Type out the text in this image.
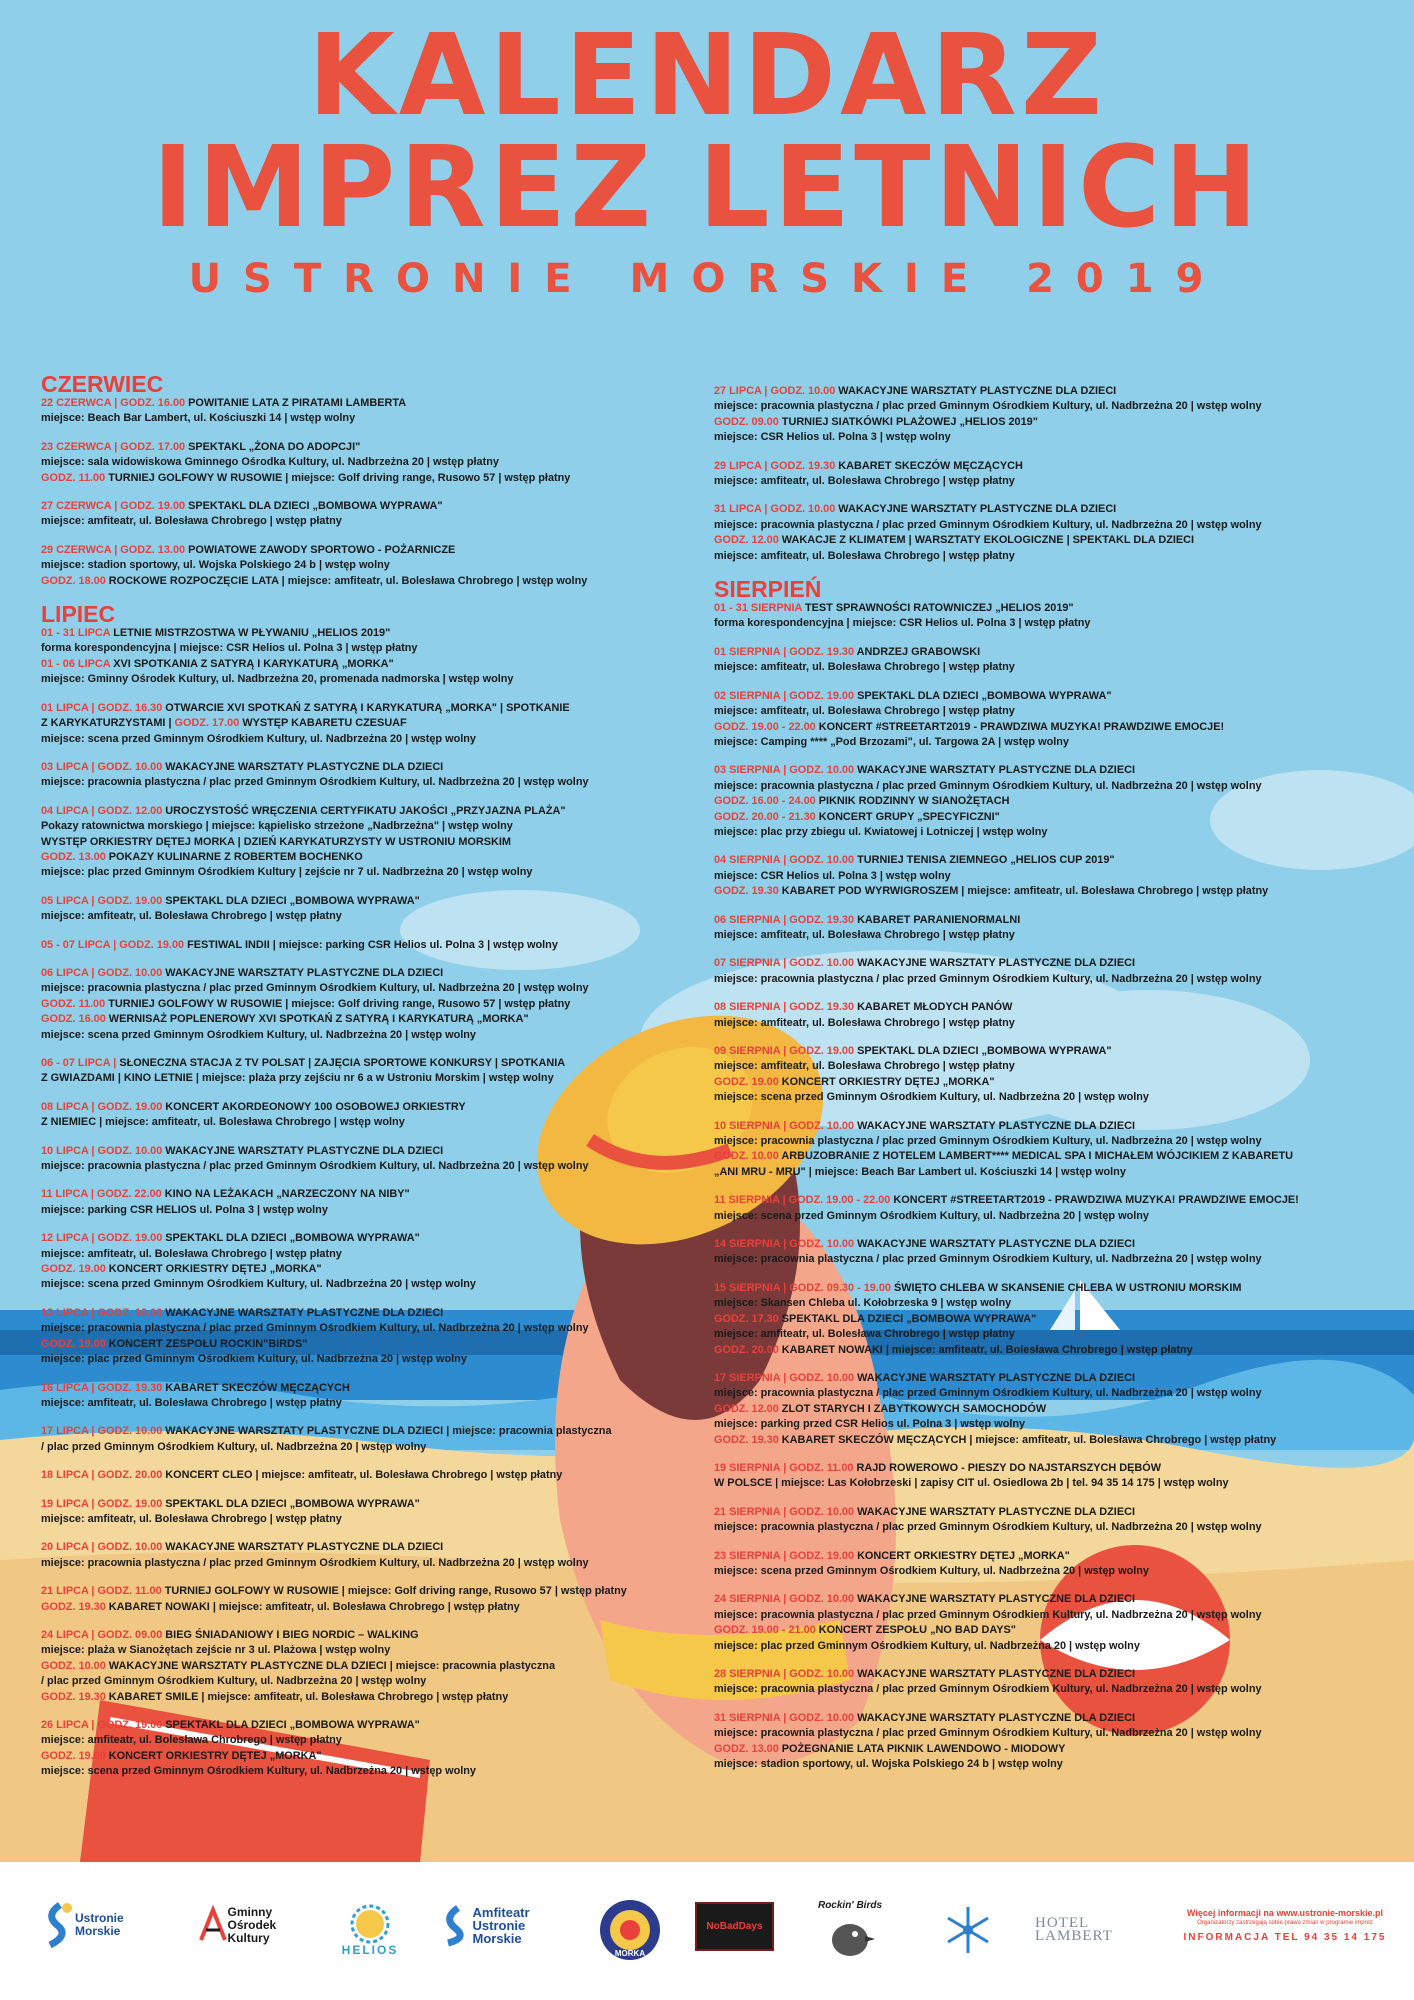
KALENDARZ
IMPREZ LETNICH
USTRONIE MORSKIE 2019
CZERWIEC
22 CZERWCA | GODZ. 16.00 POWITANIE LATA Z PIRATAMI LAMBERTA
miejsce: Beach Bar Lambert, ul. Kościuszki 14 | wstęp wolny
23 CZERWCA | GODZ. 17.00 SPEKTAKL „ŻONA DO ADOPCJI"
miejsce: sala widowiskowa Gminnego Ośrodka Kultury, ul. Nadbrzeżna 20 | wstęp płatny
GODZ. 11.00 TURNIEJ GOLFOWY W RUSOWIE | miejsce: Golf driving range, Rusowo 57 | wstęp płatny
27 CZERWCA | GODZ. 19.00 SPEKTAKL DLA DZIECI „BOMBOWA WYPRAWA"
miejsce: amfiteatr, ul. Bolesława Chrobrego | wstęp płatny
29 CZERWCA | GODZ. 13.00 POWIATOWE ZAWODY SPORTOWO - POŻARNICZE
miejsce: stadion sportowy, ul. Wojska Polskiego 24 b | wstęp wolny
GODZ. 18.00 ROCKOWE ROZPOCZĘCIE LATA | miejsce: amfiteatr, ul. Bolesława Chrobrego | wstęp wolny
LIPIEC
01 - 31 LIPCA LETNIE MISTRZOSTWA W PŁYWANIU „HELIOS 2019"
forma korespondencyjna | miejsce: CSR Helios ul. Polna 3 | wstęp płatny
01 - 06 LIPCA XVI SPOTKANIA Z SATYRĄ I KARYKATURĄ „MORKA"
miejsce: Gminny Ośrodek Kultury, ul. Nadbrzeżna 20, promenada nadmorska | wstęp wolny
01 LIPCA | GODZ. 16.30 OTWARCIE XVI SPOTKAŃ Z SATYRĄ I KARYKATURĄ „MORKA" | SPOTKANIE
Z KARYKATURZYSTAMI | GODZ. 17.00 WYSTĘP KABARETU CZESUAF
miejsce: scena przed Gminnym Ośrodkiem Kultury, ul. Nadbrzeżna 20 | wstęp wolny
03 LIPCA | GODZ. 10.00 WAKACYJNE WARSZTATY PLASTYCZNE DLA DZIECI
miejsce: pracownia plastyczna / plac przed Gminnym Ośrodkiem Kultury, ul. Nadbrzeżna 20 | wstęp wolny
04 LIPCA | GODZ. 12.00 UROCZYSTOŚĆ WRĘCZENIA CERTYFIKATU JAKOŚCI „PRZYJAZNA PLAŻA"
Pokazy ratownictwa morskiego | miejsce: kąpielisko strzeżone „Nadbrzeżna" | wstęp wolny
WYSTĘP ORKIESTRY DĘTEJ MORKA | DZIEŃ KARYKATURZYSTY W USTRONIU MORSKIM
GODZ. 13.00 POKAZY KULINARNE Z ROBERTEM BOCHENKO
miejsce: plac przed Gminnym Ośrodkiem Kultury | zejście nr 7 ul. Nadbrzeżna 20 | wstęp wolny
05 LIPCA | GODZ. 19.00 SPEKTAKL DLA DZIECI „BOMBOWA WYPRAWA"
miejsce: amfiteatr, ul. Bolesława Chrobrego | wstęp płatny
05 - 07 LIPCA | GODZ. 19.00 FESTIWAL INDII | miejsce: parking CSR Helios ul. Polna 3 | wstęp wolny
06 LIPCA | GODZ. 10.00 WAKACYJNE WARSZTATY PLASTYCZNE DLA DZIECI
miejsce: pracownia plastyczna / plac przed Gminnym Ośrodkiem Kultury, ul. Nadbrzeżna 20 | wstęp wolny
GODZ. 11.00 TURNIEJ GOLFOWY W RUSOWIE | miejsce: Golf driving range, Rusowo 57 | wstęp płatny
GODZ. 16.00 WERNISAŻ POPLENEROWY XVI SPOTKAŃ Z SATYRĄ I KARYKATURĄ „MORKA"
miejsce: scena przed Gminnym Ośrodkiem Kultury, ul. Nadbrzeżna 20 | wstęp wolny
06 - 07 LIPCA | SŁONECZNA STACJA Z TV POLSAT | ZAJĘCIA SPORTOWE KONKURSY | SPOTKANIA
Z GWIAZDAMI | KINO LETNIE | miejsce: plaża przy zejściu nr 6 a w Ustroniu Morskim | wstęp wolny
08 LIPCA | GODZ. 19.00 KONCERT AKORDEONOWY 100 OSOBOWEJ ORKIESTRY
Z NIEMIEC | miejsce: amfiteatr, ul. Bolesława Chrobrego | wstęp wolny
10 LIPCA | GODZ. 10.00 WAKACYJNE WARSZTATY PLASTYCZNE DLA DZIECI
miejsce: pracownia plastyczna / plac przed Gminnym Ośrodkiem Kultury, ul. Nadbrzeżna 20 | wstęp wolny
11 LIPCA | GODZ. 22.00 KINO NA LEŻAKACH „NARZECZONY NA NIBY"
miejsce: parking CSR HELIOS ul. Polna 3 | wstęp wolny
12 LIPCA | GODZ. 19.00 SPEKTAKL DLA DZIECI „BOMBOWA WYPRAWA"
miejsce: amfiteatr, ul. Bolesława Chrobrego | wstęp płatny
GODZ. 19.00 KONCERT ORKIESTRY DĘTEJ „MORKA"
miejsce: scena przed Gminnym Ośrodkiem Kultury, ul. Nadbrzeżna 20 | wstęp wolny
13 LIPCA | GODZ. 10.00 WAKACYJNE WARSZTATY PLASTYCZNE DLA DZIECI
miejsce: pracownia plastyczna / plac przed Gminnym Ośrodkiem Kultury, ul. Nadbrzeżna 20 | wstęp wolny
GODZ. 19.00 KONCERT ZESPOŁU ROCKIN"BIRDS"
miejsce: plac przed Gminnym Ośrodkiem Kultury, ul. Nadbrzeżna 20 | wstęp wolny
16 LIPCA | GODZ. 19.30 KABARET SKECZÓW MĘCZĄCYCH
miejsce: amfiteatr, ul. Bolesława Chrobrego | wstęp płatny
17 LIPCA | GODZ. 10.00 WAKACYJNE WARSZTATY PLASTYCZNE DLA DZIECI | miejsce: pracownia plastyczna
/ plac przed Gminnym Ośrodkiem Kultury, ul. Nadbrzeżna 20 | wstęp wolny
18 LIPCA | GODZ. 20.00 KONCERT CLEO | miejsce: amfiteatr, ul. Bolesława Chrobrego | wstęp płatny
19 LIPCA | GODZ. 19.00 SPEKTAKL DLA DZIECI „BOMBOWA WYPRAWA"
miejsce: amfiteatr, ul. Bolesława Chrobrego | wstęp płatny
20 LIPCA | GODZ. 10.00 WAKACYJNE WARSZTATY PLASTYCZNE DLA DZIECI
miejsce: pracownia plastyczna / plac przed Gminnym Ośrodkiem Kultury, ul. Nadbrzeżna 20 | wstęp wolny
21 LIPCA | GODZ. 11.00 TURNIEJ GOLFOWY W RUSOWIE | miejsce: Golf driving range, Rusowo 57 | wstęp płatny
GODZ. 19.30 KABARET NOWAKI | miejsce: amfiteatr, ul. Bolesława Chrobrego | wstęp płatny
24 LIPCA | GODZ. 09.00 BIEG ŚNIADANIOWY I BIEG NORDIC – WALKING
miejsce: plaża w Sianożętach zejście nr 3 ul. Plażowa | wstęp wolny
GODZ. 10.00 WAKACYJNE WARSZTATY PLASTYCZNE DLA DZIECI | miejsce: pracownia plastyczna
/ plac przed Gminnym Ośrodkiem Kultury, ul. Nadbrzeżna 20 | wstęp wolny
GODZ. 19.30 KABARET SMILE | miejsce: amfiteatr, ul. Bolesława Chrobrego | wstęp płatny
26 LIPCA | GODZ. 19.00 SPEKTAKL DLA DZIECI „BOMBOWA WYPRAWA"
miejsce: amfiteatr, ul. Bolesława Chrobrego | wstęp płatny
GODZ. 19.00 KONCERT ORKIESTRY DĘTEJ „MORKA"
miejsce: scena przed Gminnym Ośrodkiem Kultury, ul. Nadbrzeżna 20 | wstęp wolny
27 LIPCA | GODZ. 10.00 WAKACYJNE WARSZTATY PLASTYCZNE DLA DZIECI
miejsce: pracownia plastyczna / plac przed Gminnym Ośrodkiem Kultury, ul. Nadbrzeżna 20 | wstęp wolny
GODZ. 09.00 TURNIEJ SIATKÓWKI PLAŻOWEJ „HELIOS 2019"
miejsce: CSR Helios ul. Polna 3 | wstęp wolny
29 LIPCA | GODZ. 19.30 KABARET SKECZÓW MĘCZĄCYCH
miejsce: amfiteatr, ul. Bolesława Chrobrego | wstęp płatny
31 LIPCA | GODZ. 10.00 WAKACYJNE WARSZTATY PLASTYCZNE DLA DZIECI
miejsce: pracownia plastyczna / plac przed Gminnym Ośrodkiem Kultury, ul. Nadbrzeżna 20 | wstęp wolny
GODZ. 12.00 WAKACJE Z KLIMATEM | WARSZTATY EKOLOGICZNE | SPEKTAKL DLA DZIECI
miejsce: amfiteatr, ul. Bolesława Chrobrego | wstęp płatny
SIERPIEŃ
01 - 31 SIERPNIA TEST SPRAWNOŚCI RATOWNICZEJ „HELIOS 2019"
forma korespondencyjna | miejsce: CSR Helios ul. Polna 3 | wstęp płatny
01 SIERPNIA | GODZ. 19.30 ANDRZEJ GRABOWSKI
miejsce: amfiteatr, ul. Bolesława Chrobrego | wstęp płatny
02 SIERPNIA | GODZ. 19.00 SPEKTAKL DLA DZIECI „BOMBOWA WYPRAWA"
miejsce: amfiteatr, ul. Bolesława Chrobrego | wstęp płatny
GODZ. 19.00 - 22.00 KONCERT #STREETART2019 - PRAWDZIWA MUZYKA! PRAWDZIWE EMOCJE!
miejsce: Camping **** „Pod Brzozami", ul. Targowa 2A | wstęp wolny
03 SIERPNIA | GODZ. 10.00 WAKACYJNE WARSZTATY PLASTYCZNE DLA DZIECI
miejsce: pracownia plastyczna / plac przed Gminnym Ośrodkiem Kultury, ul. Nadbrzeżna 20 | wstęp wolny
GODZ. 16.00 - 24.00 PIKNIK RODZINNY W SIANOŻĘTACH
GODZ. 20.00 - 21.30 KONCERT GRUPY „SPECYFICZNI"
miejsce: plac przy zbiegu ul. Kwiatowej i Lotniczej | wstęp wolny
04 SIERPNIA | GODZ. 10.00 TURNIEJ TENISA ZIEMNEGO „HELIOS CUP 2019"
miejsce: CSR Helios ul. Polna 3 | wstęp wolny
GODZ. 19.30 KABARET POD WYRWIGROSZEM | miejsce: amfiteatr, ul. Bolesława Chrobrego | wstęp płatny
06 SIERPNIA | GODZ. 19.30 KABARET PARANIENORMALNI
miejsce: amfiteatr, ul. Bolesława Chrobrego | wstęp płatny
07 SIERPNIA | GODZ. 10.00 WAKACYJNE WARSZTATY PLASTYCZNE DLA DZIECI
miejsce: pracownia plastyczna / plac przed Gminnym Ośrodkiem Kultury, ul. Nadbrzeżna 20 | wstęp wolny
08 SIERPNIA | GODZ. 19.30 KABARET MŁODYCH PANÓW
miejsce: amfiteatr, ul. Bolesława Chrobrego | wstęp płatny
09 SIERPNIA | GODZ. 19.00 SPEKTAKL DLA DZIECI „BOMBOWA WYPRAWA"
miejsce: amfiteatr, ul. Bolesława Chrobrego | wstęp płatny
GODZ. 19.00 KONCERT ORKIESTRY DĘTEJ „MORKA"
miejsce: scena przed Gminnym Ośrodkiem Kultury, ul. Nadbrzeżna 20 | wstęp wolny
10 SIERPNIA | GODZ. 10.00 WAKACYJNE WARSZTATY PLASTYCZNE DLA DZIECI
miejsce: pracownia plastyczna / plac przed Gminnym Ośrodkiem Kultury, ul. Nadbrzeżna 20 | wstęp wolny
GODZ. 10.00 ARBUZOBRANIE Z HOTELEM LAMBERT**** MEDICAL SPA I MICHAŁEM WÓJCIKIEM Z KABARETU
„ANI MRU - MRU" | miejsce: Beach Bar Lambert ul. Kościuszki 14 | wstęp wolny
11 SIERPNIA | GODZ. 19.00 - 22.00 KONCERT #STREETART2019 - PRAWDZIWA MUZYKA! PRAWDZIWE EMOCJE!
miejsce: scena przed Gminnym Ośrodkiem Kultury, ul. Nadbrzeżna 20 | wstęp wolny
14 SIERPNIA | GODZ. 10.00 WAKACYJNE WARSZTATY PLASTYCZNE DLA DZIECI
miejsce: pracownia plastyczna / plac przed Gminnym Ośrodkiem Kultury, ul. Nadbrzeżna 20 | wstęp wolny
15 SIERPNIA | GODZ. 09.30 - 19.00 ŚWIĘTO CHLEBA W SKANSENIE CHLEBA W USTRONIU MORSKIM
miejsce: Skansen Chleba ul. Kołobrzeska 9 | wstęp wolny
GODZ. 17.30 SPEKTAKL DLA DZIECI „BOMBOWA WYPRAWA"
miejsce: amfiteatr, ul. Bolesława Chrobrego | wstęp płatny
GODZ. 20.00 KABARET NOWAKI | miejsce: amfiteatr, ul. Bolesława Chrobrego | wstęp płatny
17 SIERPNIA | GODZ. 10.00 WAKACYJNE WARSZTATY PLASTYCZNE DLA DZIECI
miejsce: pracownia plastyczna / plac przed Gminnym Ośrodkiem Kultury, ul. Nadbrzeżna 20 | wstęp wolny
GODZ. 12.00 ZLOT STARYCH I ZABYTKOWYCH SAMOCHODÓW
miejsce: parking przed CSR Helios ul. Polna 3 | wstęp wolny
GODZ. 19.30 KABARET SKECZÓW MĘCZĄCYCH | miejsce: amfiteatr, ul. Bolesława Chrobrego | wstęp płatny
19 SIERPNIA | GODZ. 11.00 RAJD ROWEROWO - PIESZY DO NAJSTARSZYCH DĘBÓW
W POLSCE | miejsce: Las Kołobrzeski | zapisy CIT ul. Osiedlowa 2b | tel. 94 35 14 175 | wstęp wolny
21 SIERPNIA | GODZ. 10.00 WAKACYJNE WARSZTATY PLASTYCZNE DLA DZIECI
miejsce: pracownia plastyczna / plac przed Gminnym Ośrodkiem Kultury, ul. Nadbrzeżna 20 | wstęp wolny
23 SIERPNIA | GODZ. 19.00 KONCERT ORKIESTRY DĘTEJ „MORKA"
miejsce: scena przed Gminnym Ośrodkiem Kultury, ul. Nadbrzeżna 20 | wstęp wolny
24 SIERPNIA | GODZ. 10.00 WAKACYJNE WARSZTATY PLASTYCZNE DLA DZIECI
miejsce: pracownia plastyczna / plac przed Gminnym Ośrodkiem Kultury, ul. Nadbrzeżna 20 | wstęp wolny
GODZ. 19.00 - 21.00 KONCERT ZESPOŁU „NO BAD DAYS"
miejsce: plac przed Gminnym Ośrodkiem Kultury, ul. Nadbrzeżna 20 | wstęp wolny
28 SIERPNIA | GODZ. 10.00 WAKACYJNE WARSZTATY PLASTYCZNE DLA DZIECI
miejsce: pracownia plastyczna / plac przed Gminnym Ośrodkiem Kultury, ul. Nadbrzeżna 20 | wstęp wolny
31 SIERPNIA | GODZ. 10.00 WAKACYJNE WARSZTATY PLASTYCZNE DLA DZIECI
miejsce: pracownia plastyczna / plac przed Gminnym Ośrodkiem Kultury, ul. Nadbrzeżna 20 | wstęp wolny
GODZ. 13.00 POŻEGNANIE LATA PIKNIK LAWENDOWO - MIODOWY
miejsce: stadion sportowy, ul. Wojska Polskiego 24 b | wstęp wolny
Ustronie Morskie
Gminny Ośrodek Kultury
HELIOS
Amfiteatr Ustronie Morskie
MORKA
NoBadDays
Rockin' Birds
HOTEL LAMBERT
Więcej informacji na www.ustronie-morskie.pl
Organizatorzy zastrzegają sobie prawo zmian w programie imprez
INFORMACJA TEL 94 35 14 175
